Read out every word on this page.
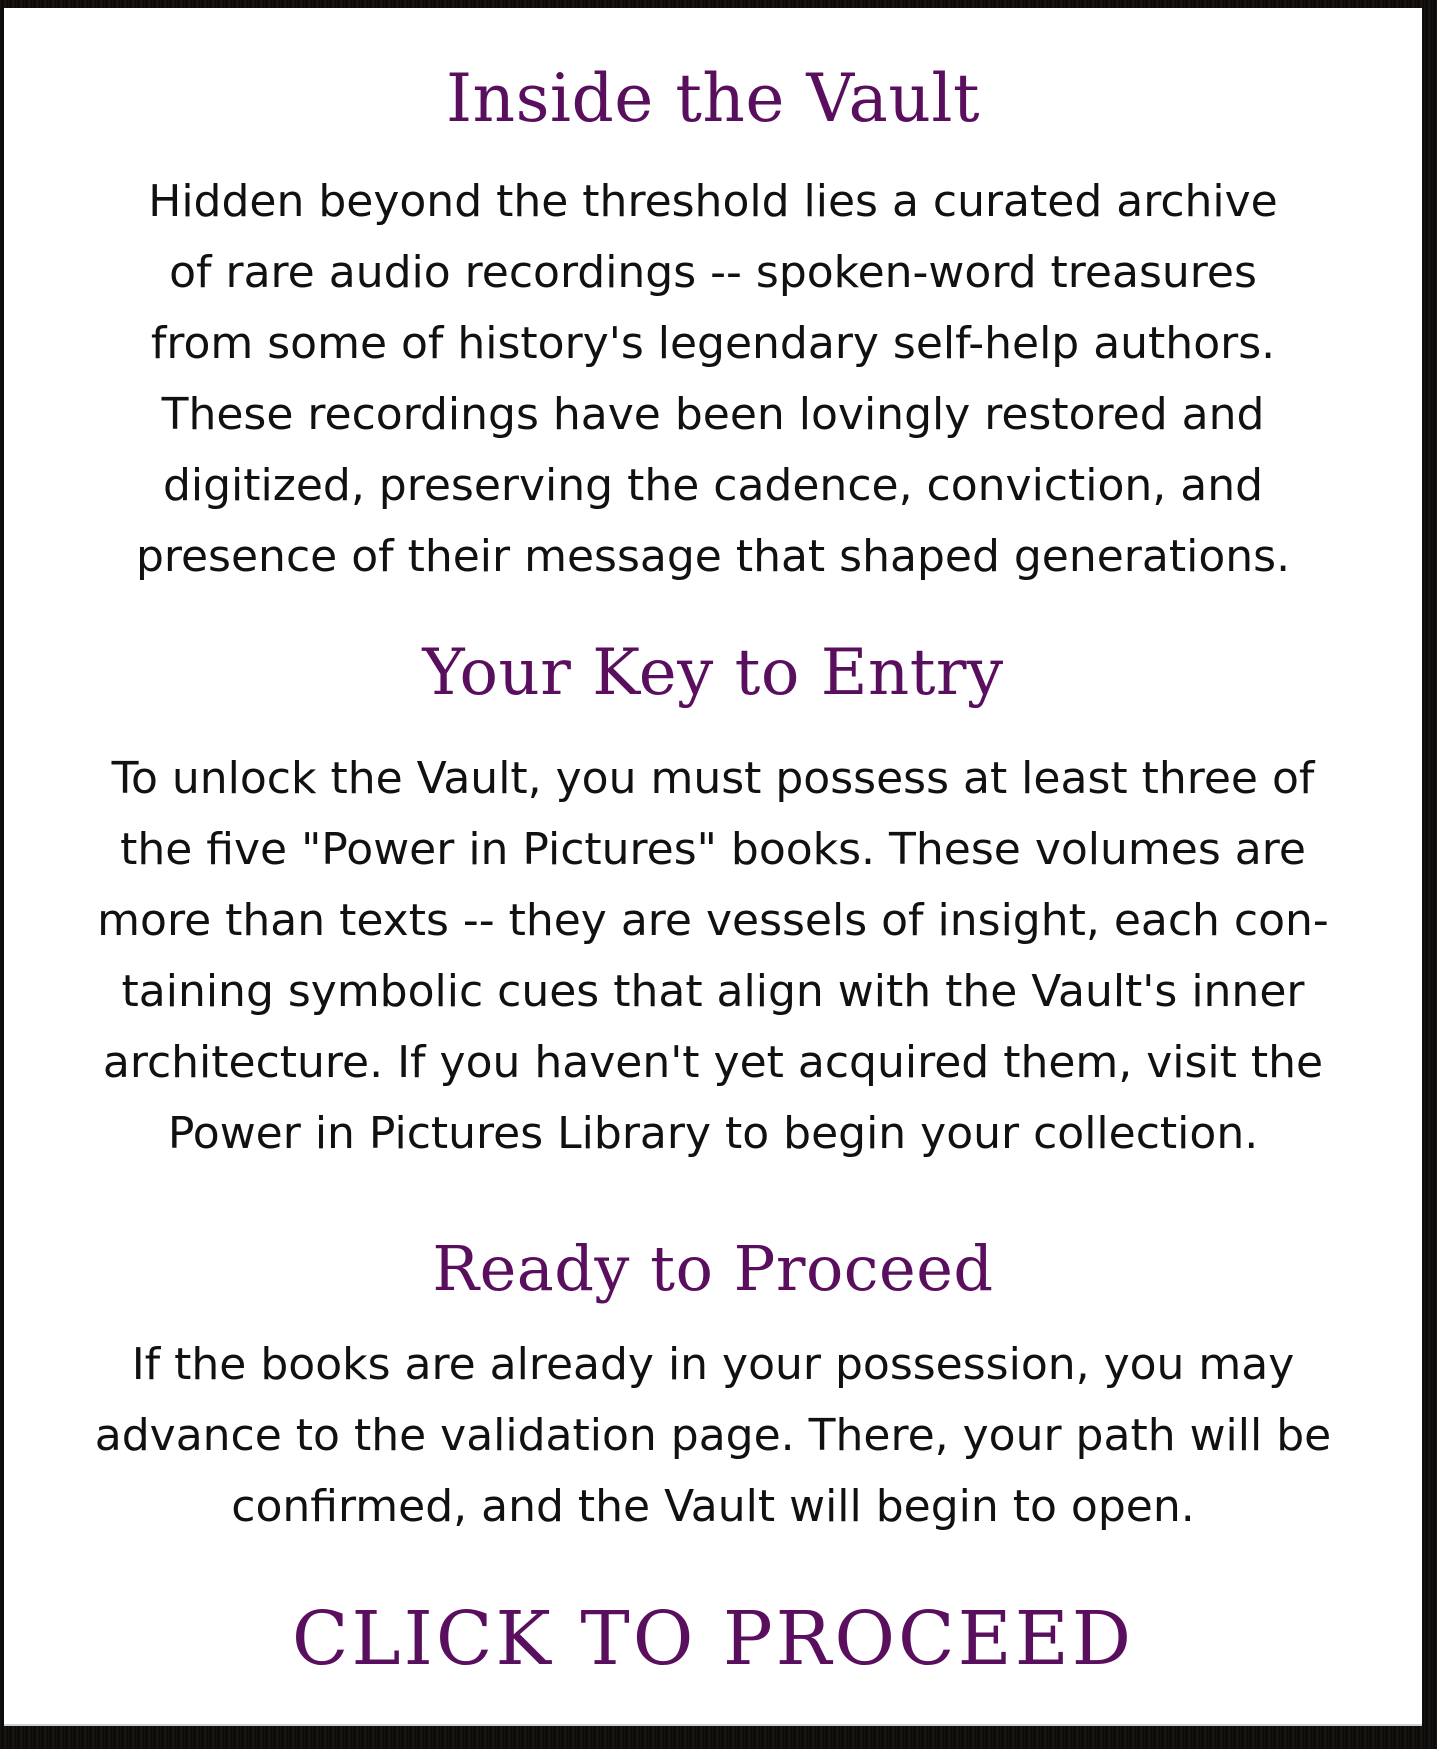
Inside the Vault

Hidden beyond the threshold lies a curated archive
of rare audio recordings -- spoken-word treasures
from some of history's legendary self-help authors.
These recordings have been lovingly restored and
digitized, preserving the cadence, conviction, and
presence of their message that shaped generations.

Your Key to Entry

To unlock the Vault, you must possess at least three of
the five "Power in Pictures" books. These volumes are
more than texts -- they are vessels of insight, each con-
taining symbolic cues that align with the Vault's inner
architecture. If you haven't yet acquired them, visit the
Power in Pictures Library to begin your collection.

Ready to Proceed

If the books are already in your possession, you may
advance to the validation page. There, your path will be
confirmed, and the Vault will begin to open.

CLICK TO PROCEED
